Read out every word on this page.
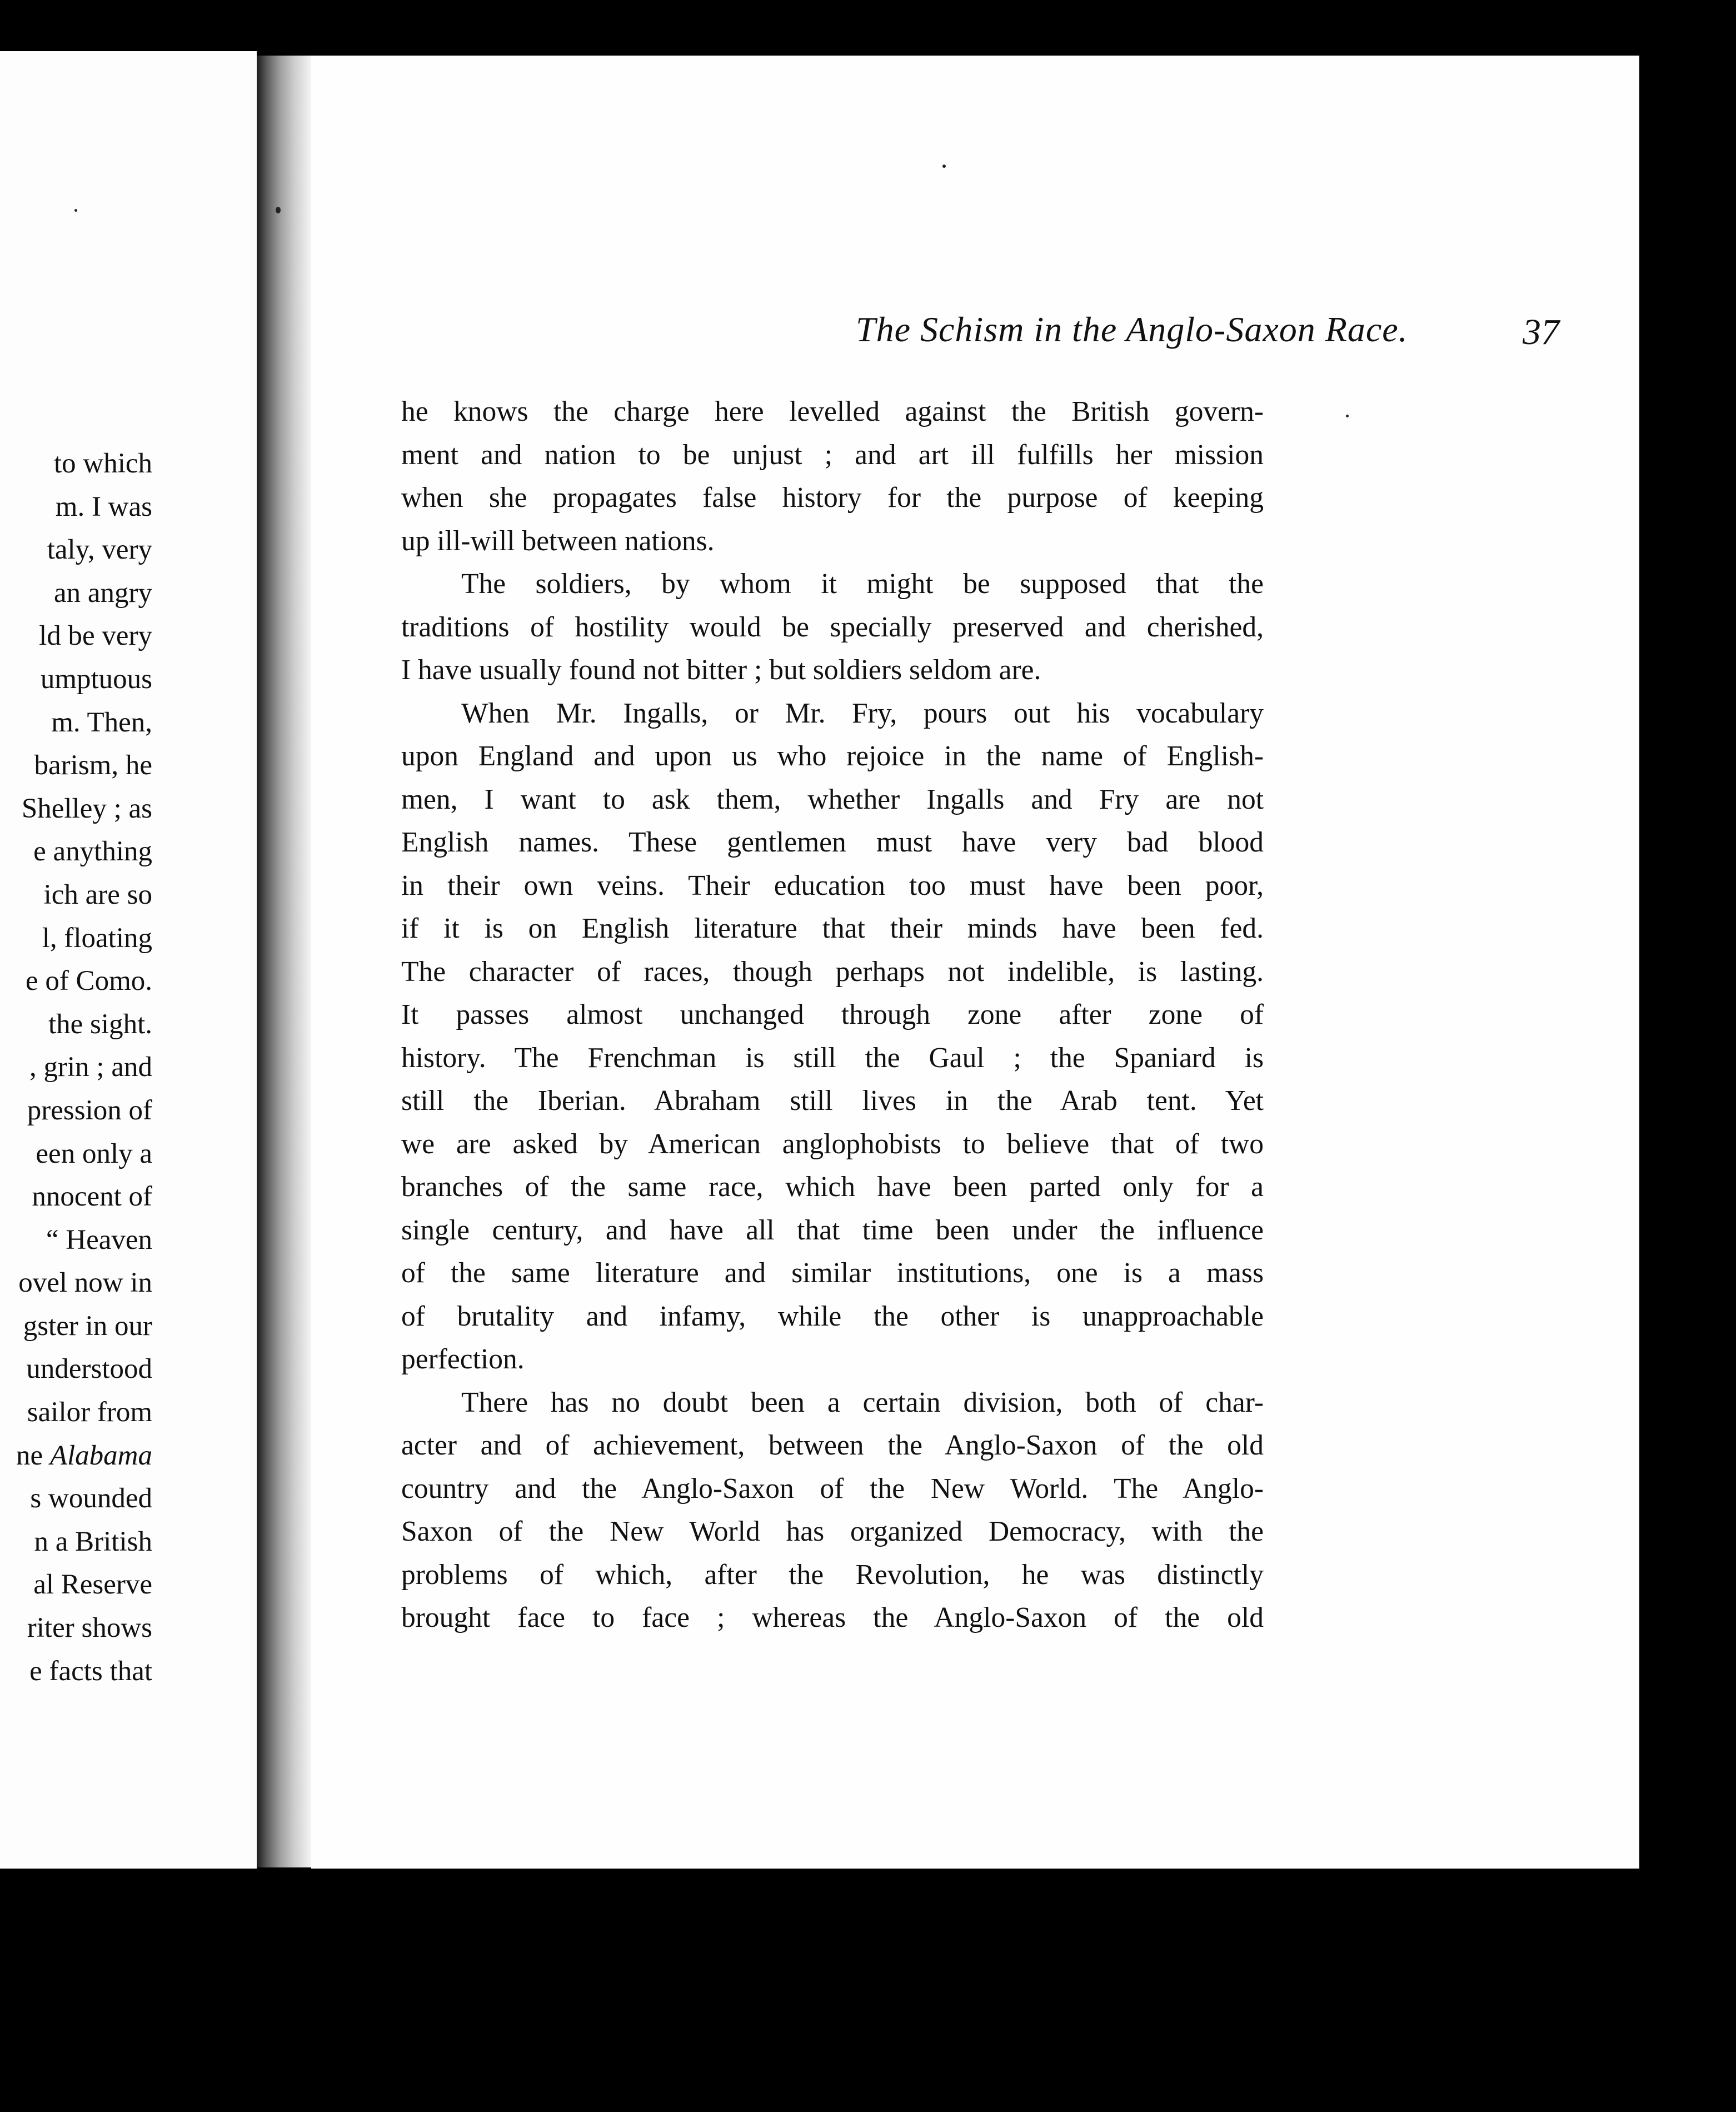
to which
m. I was
taly, very
an angry
ld be very
umptuous
m. Then,
barism, he
Shelley ; as
e anything
ich are so
l, floating
e of Como.
the sight.
, grin ; and
pression of
een only a
nnocent of
“ Heaven
ovel now in
gster in our
understood
sailor from
ne Alabama
s wounded
n a British
al Reserve
riter shows
e facts that
The Schism in the Anglo-Saxon Race.	37
he knows the charge here levelled against the British govern-
ment and nation to be unjust ; and art ill fulfills her mission
when she propagates false history for the purpose of keeping
up ill-will between nations.
The soldiers, by whom it might be supposed that the
traditions of hostility would be specially preserved and cherished,
I have usually found not bitter ; but soldiers seldom are.
When Mr. Ingalls, or Mr. Fry, pours out his vocabulary
upon England and upon us who rejoice in the name of English-
men, I want to ask them, whether Ingalls and Fry are not
English names. These gentlemen must have very bad blood
in their own veins. Their education too must have been poor,
if it is on English literature that their minds have been fed.
The character of races, though perhaps not indelible, is lasting.
It passes almost unchanged through zone after zone of
history. The Frenchman is still the Gaul ; the Spaniard is
still the Iberian. Abraham still lives in the Arab tent. Yet
we are asked by American anglophobists to believe that of two
branches of the same race, which have been parted only for a
single century, and have all that time been under the influence
of the same literature and similar institutions, one is a mass
of brutality and infamy, while the other is unapproachable
perfection.
There has no doubt been a certain division, both of char-
acter and of achievement, between the Anglo-Saxon of the old
country and the Anglo-Saxon of the New World. The Anglo-
Saxon of the New World has organized Democracy, with the
problems of which, after the Revolution, he was distinctly
brought face to face ; whereas the Anglo-Saxon of the old
